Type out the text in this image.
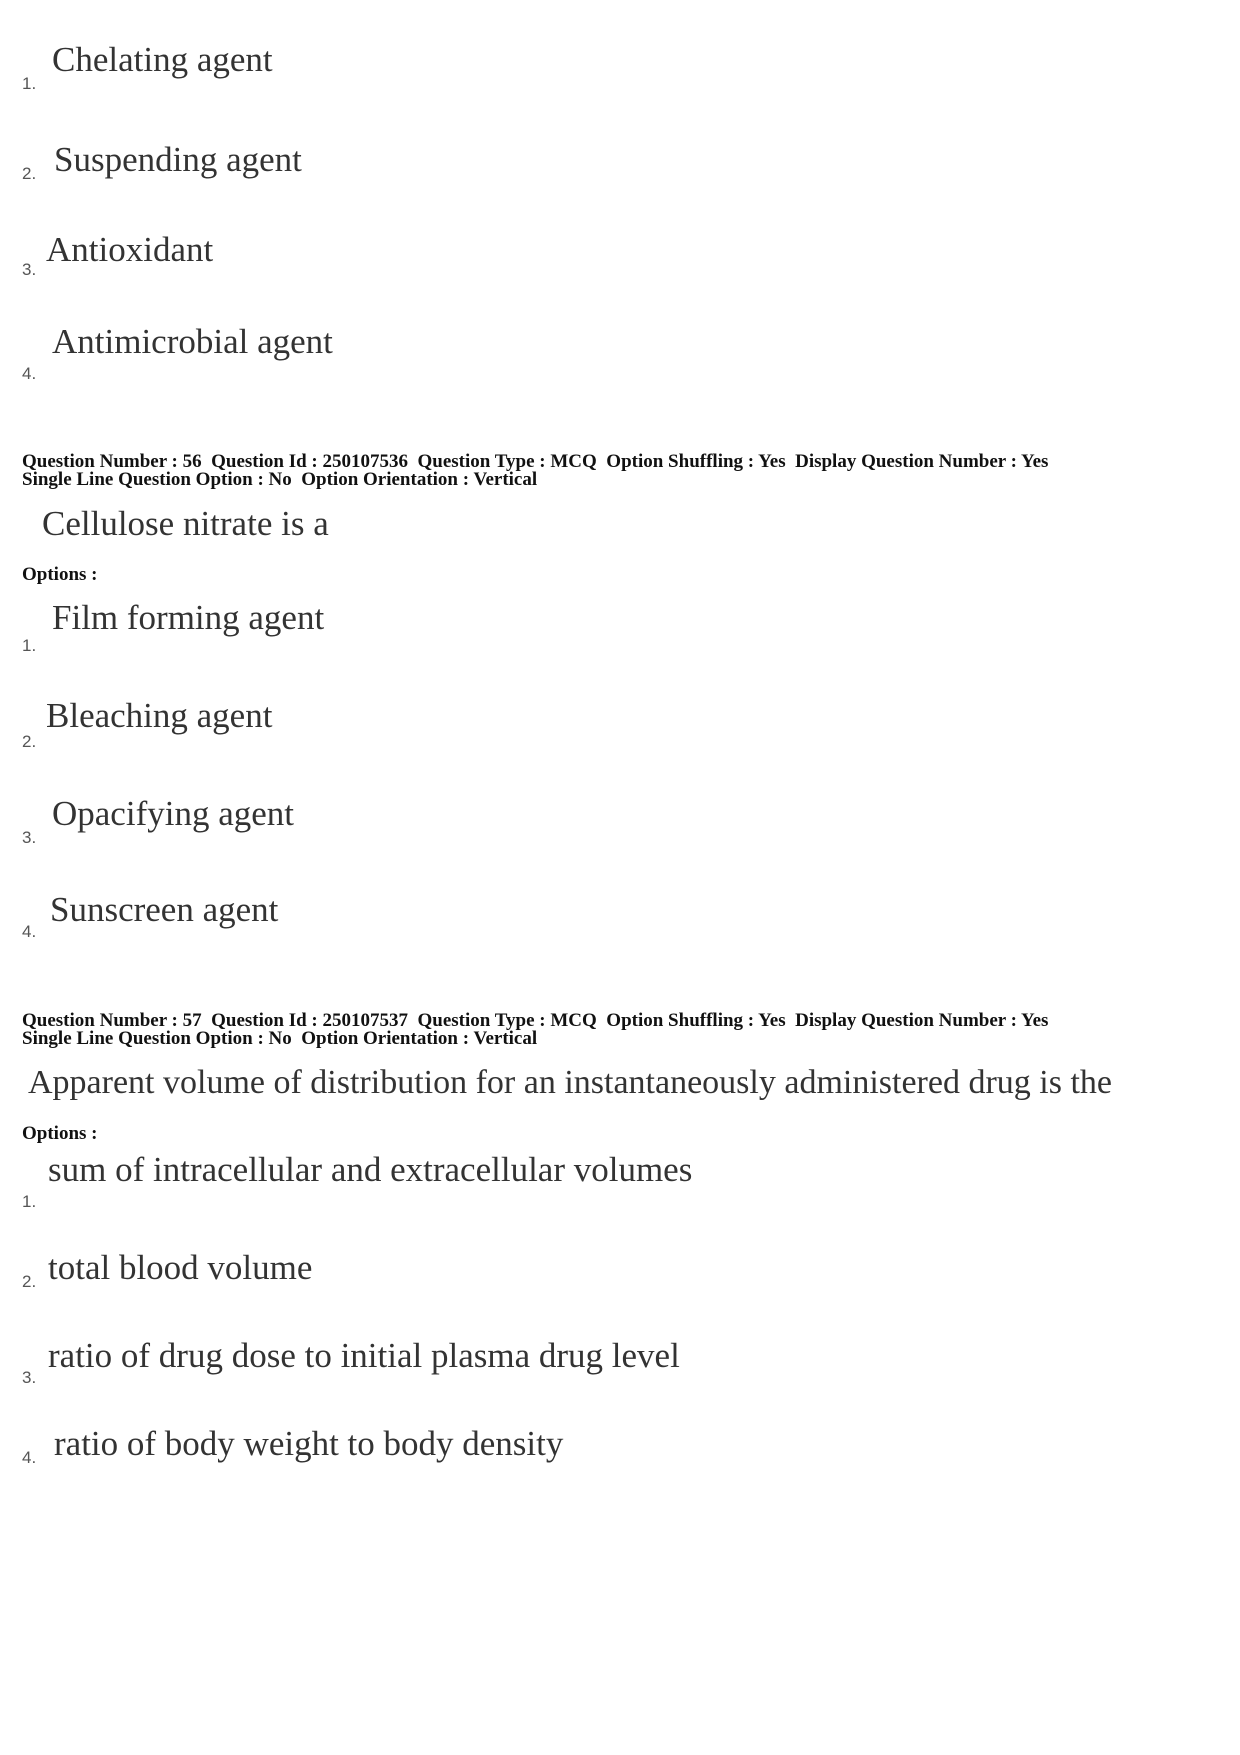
Chelating agent
1.
Suspending agent
2.
Antioxidant
3.
Antimicrobial agent
4.
Question Number : 56  Question Id : 250107536  Question Type : MCQ  Option Shuffling : Yes  Display Question Number : Yes
Single Line Question Option : No  Option Orientation : Vertical
Cellulose nitrate is a
Options :
Film forming agent
1.
Bleaching agent
2.
Opacifying agent
3.
Sunscreen agent
4.
Question Number : 57  Question Id : 250107537  Question Type : MCQ  Option Shuffling : Yes  Display Question Number : Yes
Single Line Question Option : No  Option Orientation : Vertical
Apparent volume of distribution for an instantaneously administered drug is the
Options :
sum of intracellular and extracellular volumes
1.
total blood volume
2.
ratio of drug dose to initial plasma drug level
3.
ratio of body weight to body density
4.
